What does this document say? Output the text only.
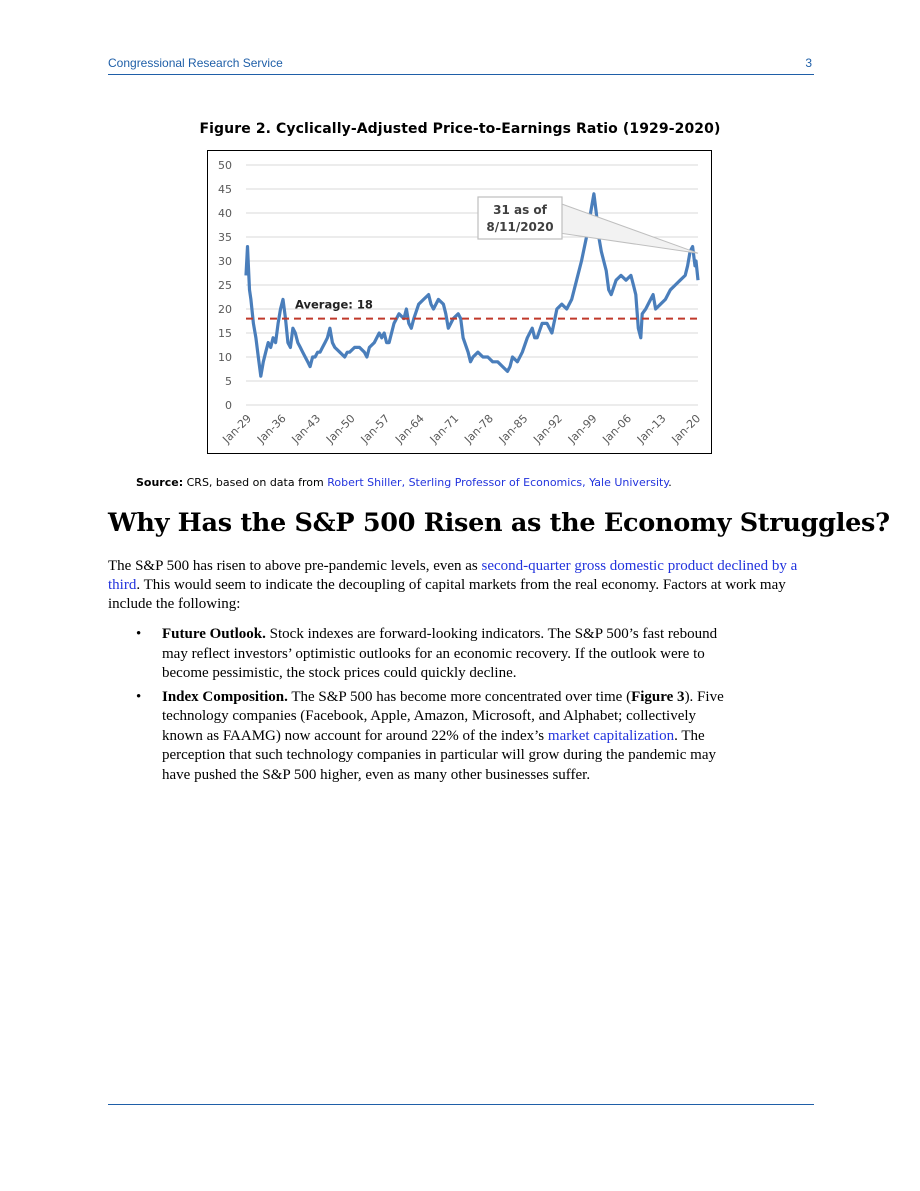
Congressional Research Service	3
Figure 2. Cyclically-Adjusted Price-to-Earnings Ratio (1929-2020)
0
5
10
15
20
25
30
35
40
45
50
Jan-29 Jan-36 Jan-43 Jan-50 Jan-57 Jan-64 Jan-71 Jan-78 Jan-85 Jan-92 Jan-99 Jan-06 Jan-13 Jan-20
Average: 18
31 as of
8/11/2020
Source: CRS, based on data from Robert Shiller, Sterling Professor of Economics, Yale University.
Why Has the S&P 500 Risen as the Economy Struggles?
The S&P 500 has risen to above pre-pandemic levels, even as second-quarter gross domestic product declined by a third. This would seem to indicate the decoupling of capital markets from the real economy. Factors at work may include the following:
• Future Outlook. Stock indexes are forward-looking indicators. The S&P 500’s fast rebound may reflect investors’ optimistic outlooks for an economic recovery. If the outlook were to become pessimistic, the stock prices could quickly decline.
• Index Composition. The S&P 500 has become more concentrated over time (Figure 3). Five technology companies (Facebook, Apple, Amazon, Microsoft, and Alphabet; collectively known as FAAMG) now account for around 22% of the index’s market capitalization. The perception that such technology companies in particular will grow during the pandemic may have pushed the S&P 500 higher, even as many other businesses suffer.
